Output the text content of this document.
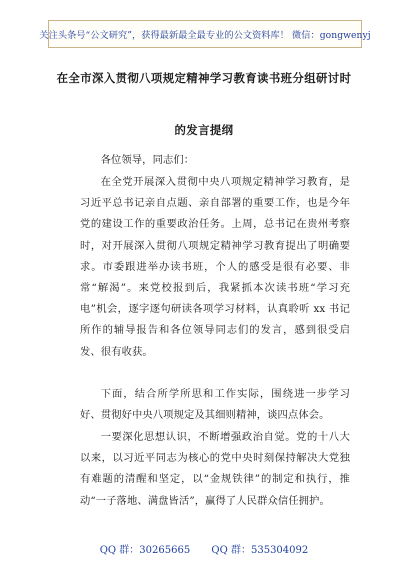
关注头条号“公文研究”，获得最新最全最专业的公文资料库！ 微信：gongwenyj
在全市深入贯彻八项规定精神学习教育读书班分组研讨时
的发言提纲

各位领导，同志们：

在全党开展深入贯彻中央八项规定精神学习教育，是习近平总书记亲自点题、亲自部署的重要工作，也是今年党的建设工作的重要政治任务。上周，总书记在贵州考察时，对开展深入贯彻八项规定精神学习教育提出了明确要求。市委跟进举办读书班，个人的感受是很有必要、非常“解渴”。来党校报到后，我紧抓本次读书班“学习充电”机会，逐字逐句研读各项学习材料，认真聆听 xx 书记所作的辅导报告和各位领导同志们的发言，感到很受启发、很有收获。

下面，结合所学所思和工作实际，围绕进一步学习好、贯彻好中央八项规定及其细则精神，谈四点体会。

一要深化思想认识，不断增强政治自觉。党的十八大以来，以习近平同志为核心的党中央时刻保持解决大党独有难题的清醒和坚定，以“金规铁律”的制定和执行，推动“一子落地、满盘皆活”，赢得了人民群众信任拥护。

QQ 群：30265665 QQ 群：535304092
